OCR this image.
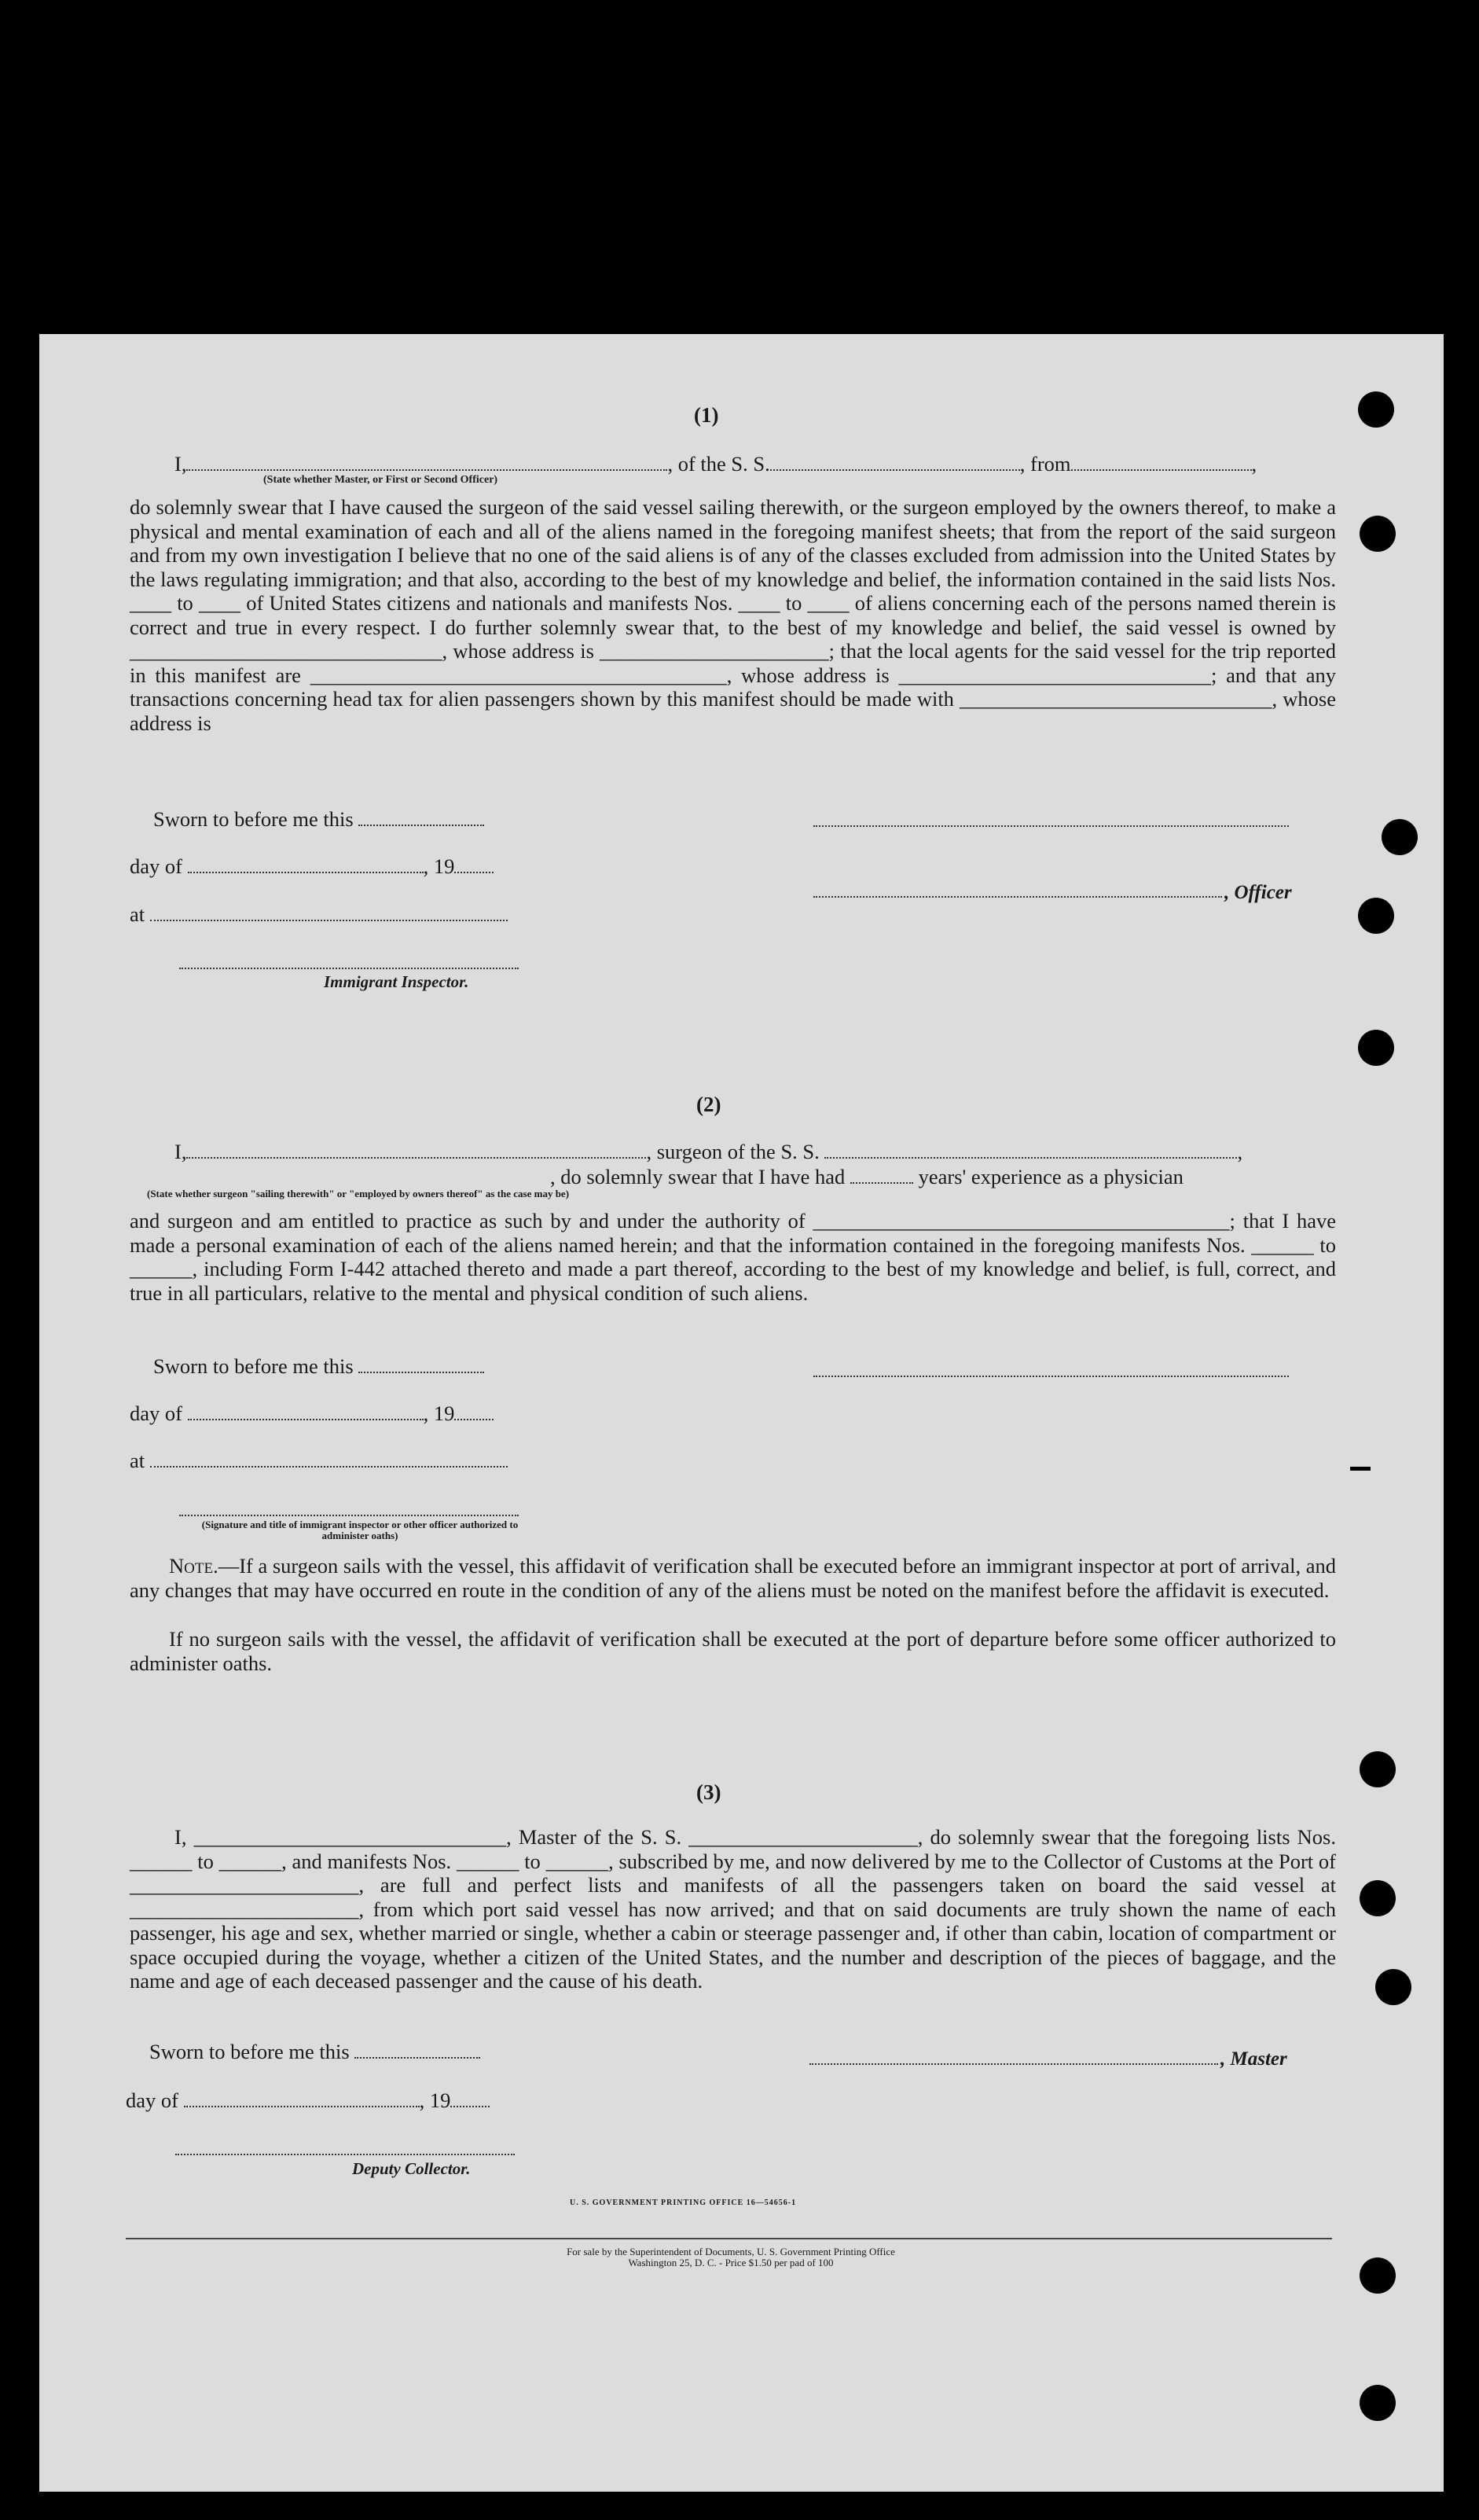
(1)
I,	, of the S. S.	, from	,
(State whether Master, or First or Second Officer)
do solemnly swear that I have caused the surgeon of the said vessel sailing therewith, or the surgeon employed by the owners thereof, to make a physical and mental examination of each and all of the aliens named in the foregoing manifest sheets; that from the report of the said surgeon and from my own investigation I believe that no one of the said aliens is of any of the classes excluded from admission into the United States by the laws regulating immigration; and that also, according to the best of my knowledge and belief, the information contained in the said lists Nos. ____ to ____ of United States citizens and nationals and manifests Nos. ____ to ____ of aliens concerning each of the persons named therein is correct and true in every respect. I do further solemnly swear that, to the best of my knowledge and belief, the said vessel is owned by ______________________________, whose address is ______________________; that the local agents for the said vessel for the trip reported in this manifest are ________________________________________, whose address is ______________________________; and that any transactions concerning head tax for alien passengers shown by this manifest should be made with ______________________________, whose address is
Sworn to before me this
day of	, 19
at
, Officer
Immigrant Inspector.
(2)
I,	, surgeon of the S. S.	,
, do solemnly swear that I have had	years' experience as a physician
(State whether surgeon "sailing therewith" or "employed by owners thereof" as the case may be)
and surgeon and am entitled to practice as such by and under the authority of ________________________________________; that I have made a personal examination of each of the aliens named herein; and that the information contained in the foregoing manifests Nos. ______ to ______, including Form I-442 attached thereto and made a part thereof, according to the best of my knowledge and belief, is full, correct, and true in all particulars, relative to the mental and physical condition of such aliens.
Sworn to before me this
day of	, 19
at
(Signature and title of immigrant inspector or other officer authorized to administer oaths)
Note.—If a surgeon sails with the vessel, this affidavit of verification shall be executed before an immigrant inspector at port of arrival, and any changes that may have occurred en route in the condition of any of the aliens must be noted on the manifest before the affidavit is executed.
If no surgeon sails with the vessel, the affidavit of verification shall be executed at the port of departure before some officer authorized to administer oaths.
(3)
I, ______________________________, Master of the S. S. ______________________, do solemnly swear that the foregoing lists Nos. ______ to ______, and manifests Nos. ______ to ______, subscribed by me, and now delivered by me to the Collector of Customs at the Port of ______________________, are full and perfect lists and manifests of all the passengers taken on board the said vessel at ______________________, from which port said vessel has now arrived; and that on said documents are truly shown the name of each passenger, his age and sex, whether married or single, whether a cabin or steerage passenger and, if other than cabin, location of compartment or space occupied during the voyage, whether a citizen of the United States, and the number and description of the pieces of baggage, and the name and age of each deceased passenger and the cause of his death.
Sworn to before me this
day of	, 19
, Master
Deputy Collector.
U. S. GOVERNMENT PRINTING OFFICE 16—54656-1
For sale by the Superintendent of Documents, U. S. Government Printing Office
Washington 25, D. C. - Price $1.50 per pad of 100
